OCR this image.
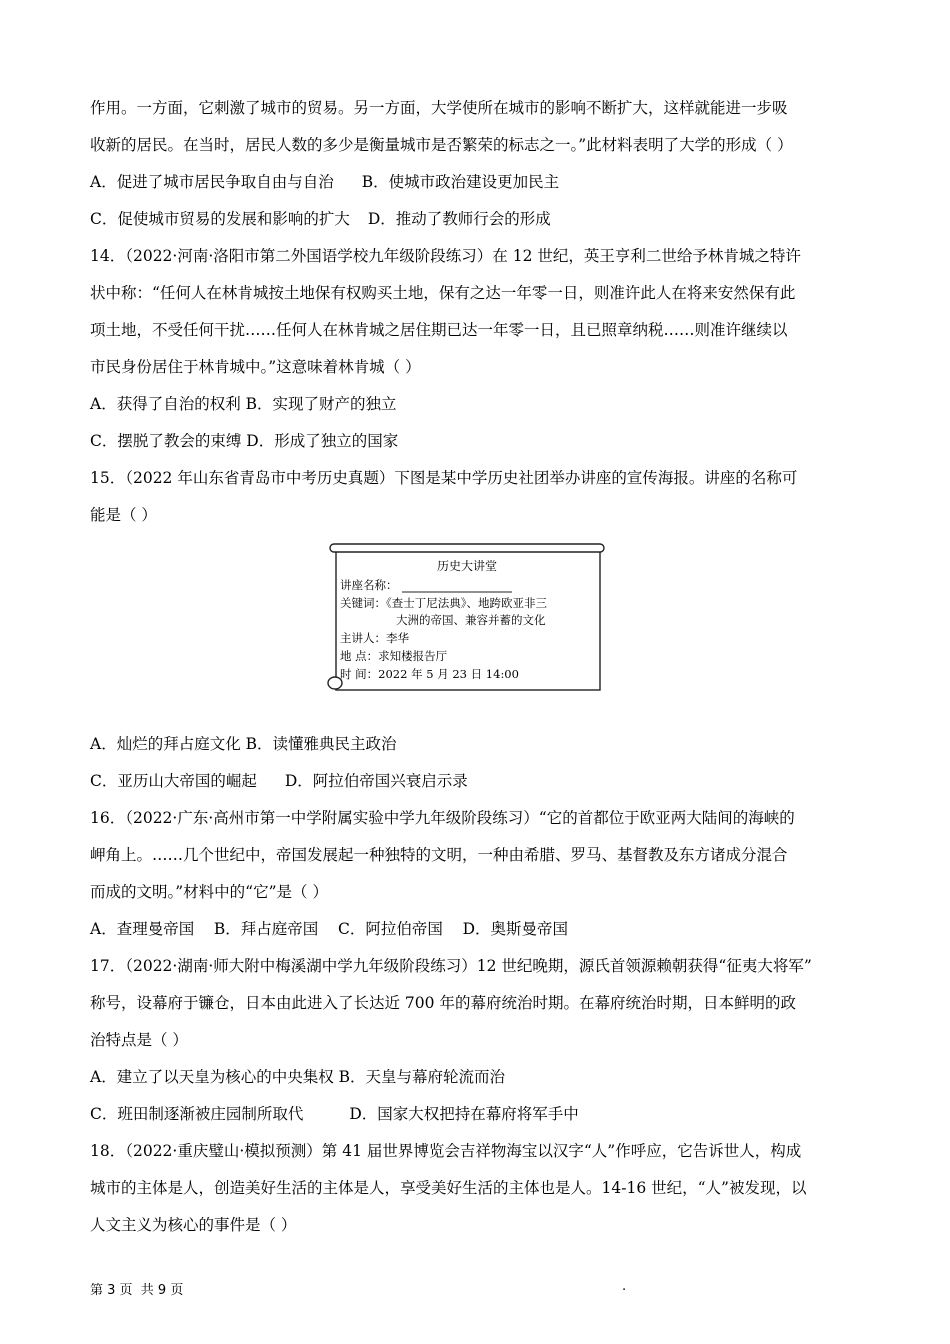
作用。一方面，它刺激了城市的贸易。另一方面，大学使所在城市的影响不断扩大，这样就能进一步吸
收新的居民。在当时，居民人数的多少是衡量城市是否繁荣的标志之一。”此材料表明了大学的形成（ ）
A．促进了城市居民争取自由与自治 B．使城市政治建设更加民主
C．促使城市贸易的发展和影响的扩大 D．推动了教师行会的形成
14．（2022·河南·洛阳市第二外国语学校九年级阶段练习）在 12 世纪，英王亨利二世给予林肯城之特许
状中称：“任何人在林肯城按土地保有权购买土地，保有之达一年零一日，则准许此人在将来安然保有此
项土地，不受任何干扰……任何人在林肯城之居住期已达一年零一日，且已照章纳税……则准许继续以
市民身份居住于林肯城中。”这意味着林肯城（ ）
A．获得了自治的权利 B．实现了财产的独立
C．摆脱了教会的束缚 D．形成了独立的国家
15．（2022 年山东省青岛市中考历史真题）下图是某中学历史社团举办讲座的宣传海报。讲座的名称可
能是（ ）
历史大讲堂
讲座名称：
关键词：《查士丁尼法典》、地跨欧亚非三
大洲的帝国、兼容并蓄的文化
主讲人：李华
地 点：求知楼报告厅
时 间：2022 年 5 月 23 日 14:00
A．灿烂的拜占庭文化 B．读懂雅典民主政治
C．亚历山大帝国的崛起 D．阿拉伯帝国兴衰启示录
16．（2022·广东·高州市第一中学附属实验中学九年级阶段练习）“它的首都位于欧亚两大陆间的海峡的
岬角上。……几个世纪中，帝国发展起一种独特的文明，一种由希腊、罗马、基督教及东方诸成分混合
而成的文明。”材料中的“它”是（ ）
A．查理曼帝国    B．拜占庭帝国    C．阿拉伯帝国    D．奥斯曼帝国
17．（2022·湖南·师大附中梅溪湖中学九年级阶段练习）12 世纪晚期，源氏首领源赖朝获得“征夷大将军”
称号，设幕府于镰仓，日本由此进入了长达近 700 年的幕府统治时期。在幕府统治时期，日本鲜明的政
治特点是（ ）
A．建立了以天皇为核心的中央集权 B．天皇与幕府轮流而治
C．班田制逐渐被庄园制所取代	D．国家大权把持在幕府将军手中
18．（2022·重庆璧山·模拟预测）第 41 届世界博览会吉祥物海宝以汉字“人”作呼应，它告诉世人，构成
城市的主体是人，创造美好生活的主体是人，享受美好生活的主体也是人。14-16 世纪，“人”被发现，以
人文主义为核心的事件是（ ）
第 3 页  共 9 页	.
